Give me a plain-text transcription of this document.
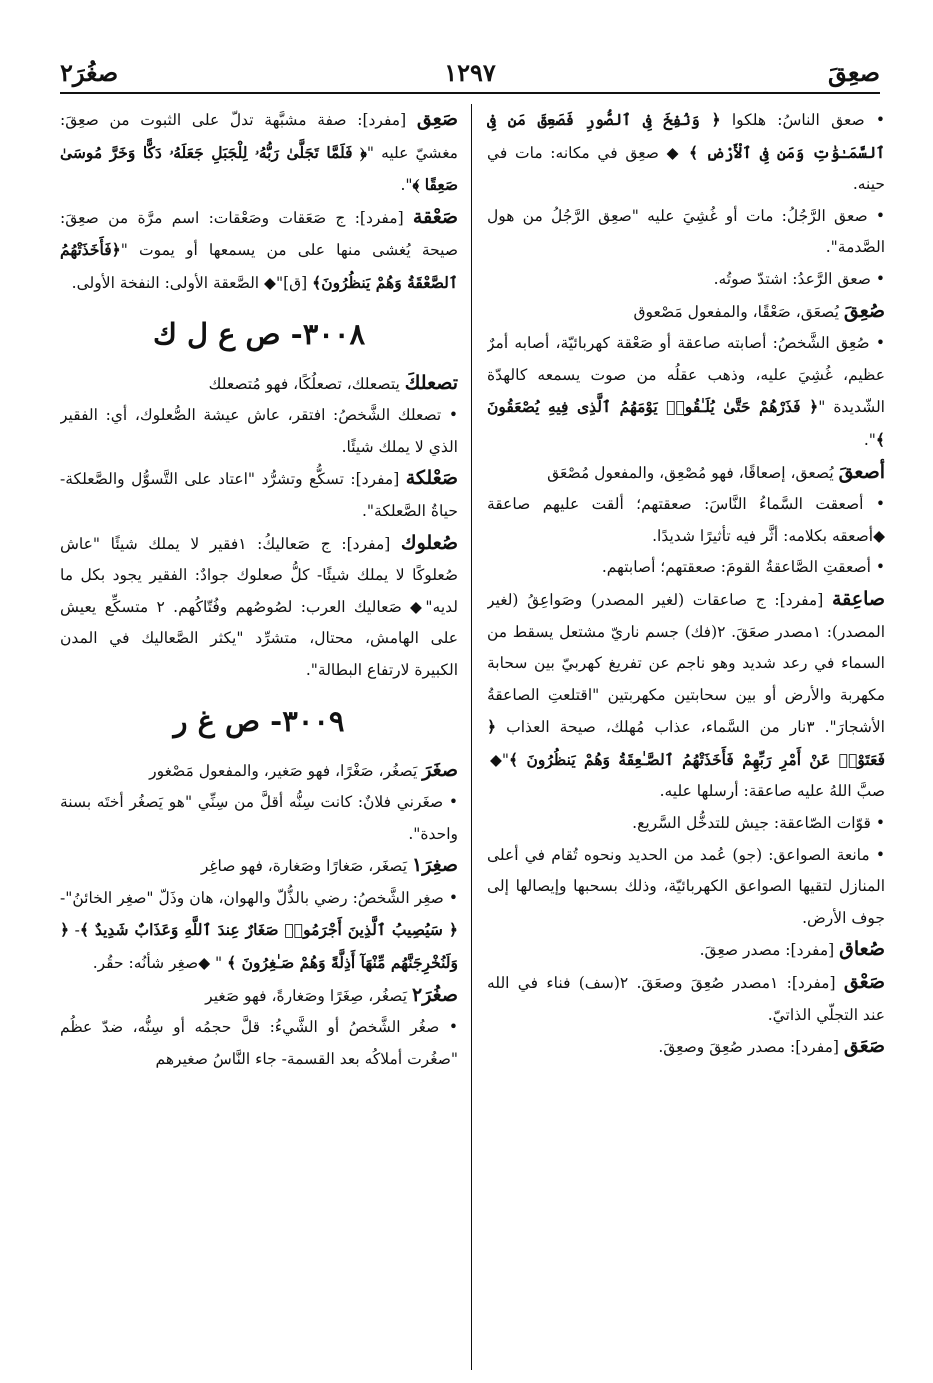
صعِقَ
١٢٩٧
صغُرَ٢

• صعق الناسُ: هلكوا ﴿ وَنُفِخَ فِى ٱلصُّورِ فَصَعِقَ مَن فِى ٱلسَّمَـٰوَٰتِ وَمَن فِى ٱلْأَرْضِ ﴾ ◆ صعِق في مكانه: مات في حينه.

• صعق الرَّجُلُ: مات أو غُشِيَ عليه "صعِق الرَّجُلُ من هول الصَّدمة".

• صعق الرَّعدُ: اشتدّ صوتُه.

صُعِقَ يُصعَق، صَعْقًا، والمفعول مَصْعوق

• صُعِق الشَّخصُ: أصابته صاعقة أو صَعْقة كهربائيّة، أصابه أمرٌ عظيم، غُشِيَ عليه، وذهب عقلُه من صوت يسمعه كالهدّة الشّديدة "﴿ فَذَرْهُمْ حَتَّىٰ يُلَـٰقُوا۟ يَوْمَهُمُ ٱلَّذِى فِيهِ يُصْعَقُونَ ﴾".

أصعقَ يُصعق، إصعاقًا، فهو مُصْعِق، والمفعول مُصْعَق

• أصعقت السَّماءُ النَّاسَ: صعقتهم؛ ألقت عليهم صاعقة ◆أصعقه بكلامه: أثَّر فيه تأثيرًا شديدًا.

• أصعقتِ الصَّاعقةُ القومَ: صعقتهم؛ أصابتهم.

صاعِقة [مفرد]: ج صاعقات (لغير المصدر) وصَواعِقُ (لغير المصدر): ١مصدر صعَقَ. ٢(فك) جسم ناريّ مشتعل يسقط من السماء في رعد شديد وهو ناجم عن تفريغ كهربيّ بين سحابة مكهربة والأرض أو بين سحابتين مكهربتين "اقتلعتِ الصاعقةُ الأشجارَ". ٣نار من السَّماء، عذاب مُهلك، صيحة العذاب ﴿ فَعَتَوْا۟ عَنْ أَمْرِ رَبِّهِمْ فَأَخَذَتْهُمُ ٱلصَّـٰعِقَةُ وَهُمْ يَنظُرُونَ ﴾"◆ صبَّ اللهُ عليه صاعقة: أرسلها عليه.

• قوّات الصّاعقة: جيش للتدخُّل السَّريع.

• مانعة الصواعق: (جو) عُمد من الحديد ونحوه تُقام في أعلى المنازل لتقيها الصواعق الكهربائيّة، وذلك بسحبها وإيصالها إلى جوف الأرض.

صُعاق [مفرد]: مصدر صعِقَ.

صَعْق [مفرد]: ١مصدر صُعِقَ وصعَقَ. ٢(سف) فناء في الله عند التجلّي الذاتيّ.

صَعَق [مفرد]: مصدر صُعِقَ وصعِقَ.

صَعِق [مفرد]: صفة مشبَّهة تدلّ على الثبوت من صعِقَ: مغشيّ عليه "﴿ فَلَمَّا تَجَلَّىٰ رَبُّهُۥ لِلْجَبَلِ جَعَلَهُۥ دَكًّا وَخَرَّ مُوسَىٰ صَعِقًا ﴾".

صَعْقة [مفرد]: ج صَعَقات وصَعْقات: اسم مرَّة من صعِقَ: صيحة يُغشى منها على من يسمعها أو يموت "﴿فَأَخَذَتْهُمُ ٱلصَّعْقَةُ وَهُمْ يَنظُرُونَ﴾ [ق]"◆ الصَّعقة الأولى: النفخة الأولى.

٣٠٠٨- ص ع ل ك

تصعلكَ يتصعلك، تصعلُكًا، فهو مُتصعلك

• تصعلك الشَّخصُ: افتقر، عاش عيشة الصُّعلوك، أي: الفقير الذي لا يملك شيئًا.

صَعْلكة [مفرد]: تسكُّع وتشرُّد "اعتاد على التَّسوُّل والصَّعلكة- حياةُ الصَّعلكة".

صُعلوك [مفرد]: ج صَعاليكُ: ١فقير لا يملك شيئًا "عاش صُعلوكًا لا يملك شيئًا- كلُّ صعلوك جوادٌ: الفقير يجود بكل ما لديه"◆ صَعاليك العرب: لصُوصُهم وفُتّاكُهم. ٢ متسكِّع يعيش على الهامش، محتال، متشرِّد "يكثر الصَّعاليك في المدن الكبيرة لارتفاع البطالة".

٣٠٠٩- ص غ ر

صغَرَ يَصغُر، صَغْرًا، فهو صَغير، والمفعول مَصْغور

• صغَرني فلانٌ: كانت سِنُّه أقلَّ من سِنِّي "هو يَصغُر أختَه بسنة واحدة".

صغِرَ١ يَصغَر، صَغارًا وصَغارة، فهو صاغِر

• صغِر الشَّخصُ: رضي بالذُّلّ والهوان، هان وذَلّ "صغِر الخائنُ"- ﴿ سَيُصِيبُ ٱلَّذِينَ أَجْرَمُوا۟ صَغَارٌ عِندَ ٱللَّهِ وَعَذَابٌ شَدِيدٌ ﴾- ﴿ وَلَنُخْرِجَنَّهُم مِّنْهَآ أَذِلَّةً وَهُمْ صَـٰغِرُونَ ﴾ " ◆صغِر شأنُه: حقُر.

صغُرَ٢ يَصغُر، صِغَرًا وصَغارةً، فهو صَغير

• صغُر الشَّخصُ أو الشَّيءُ: قلَّ حجمُه أو سِنُّه، ضدّ عظُم "صغُرت أملاكُه بعد القسمة- جاء النَّاسُ صغيرهم
